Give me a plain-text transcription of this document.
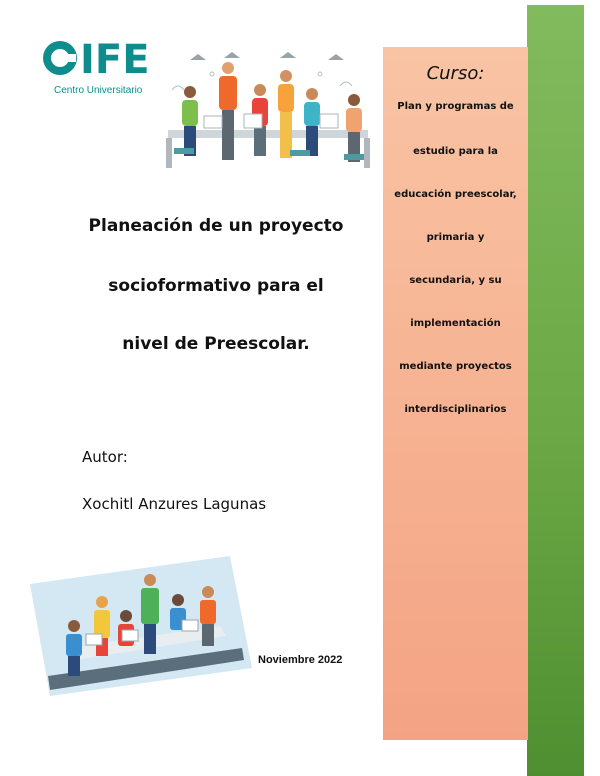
Curso:
Plan y programas de
estudio para la
educación preescolar,
primaria y
secundaria, y su
implementación
mediante proyectos
interdisciplinarios
IFE
Centro Universitario
Planeación de un proyecto
socioformativo para el
nivel de Preescolar.
Autor:
Xochitl Anzures Lagunas
Noviembre 2022
